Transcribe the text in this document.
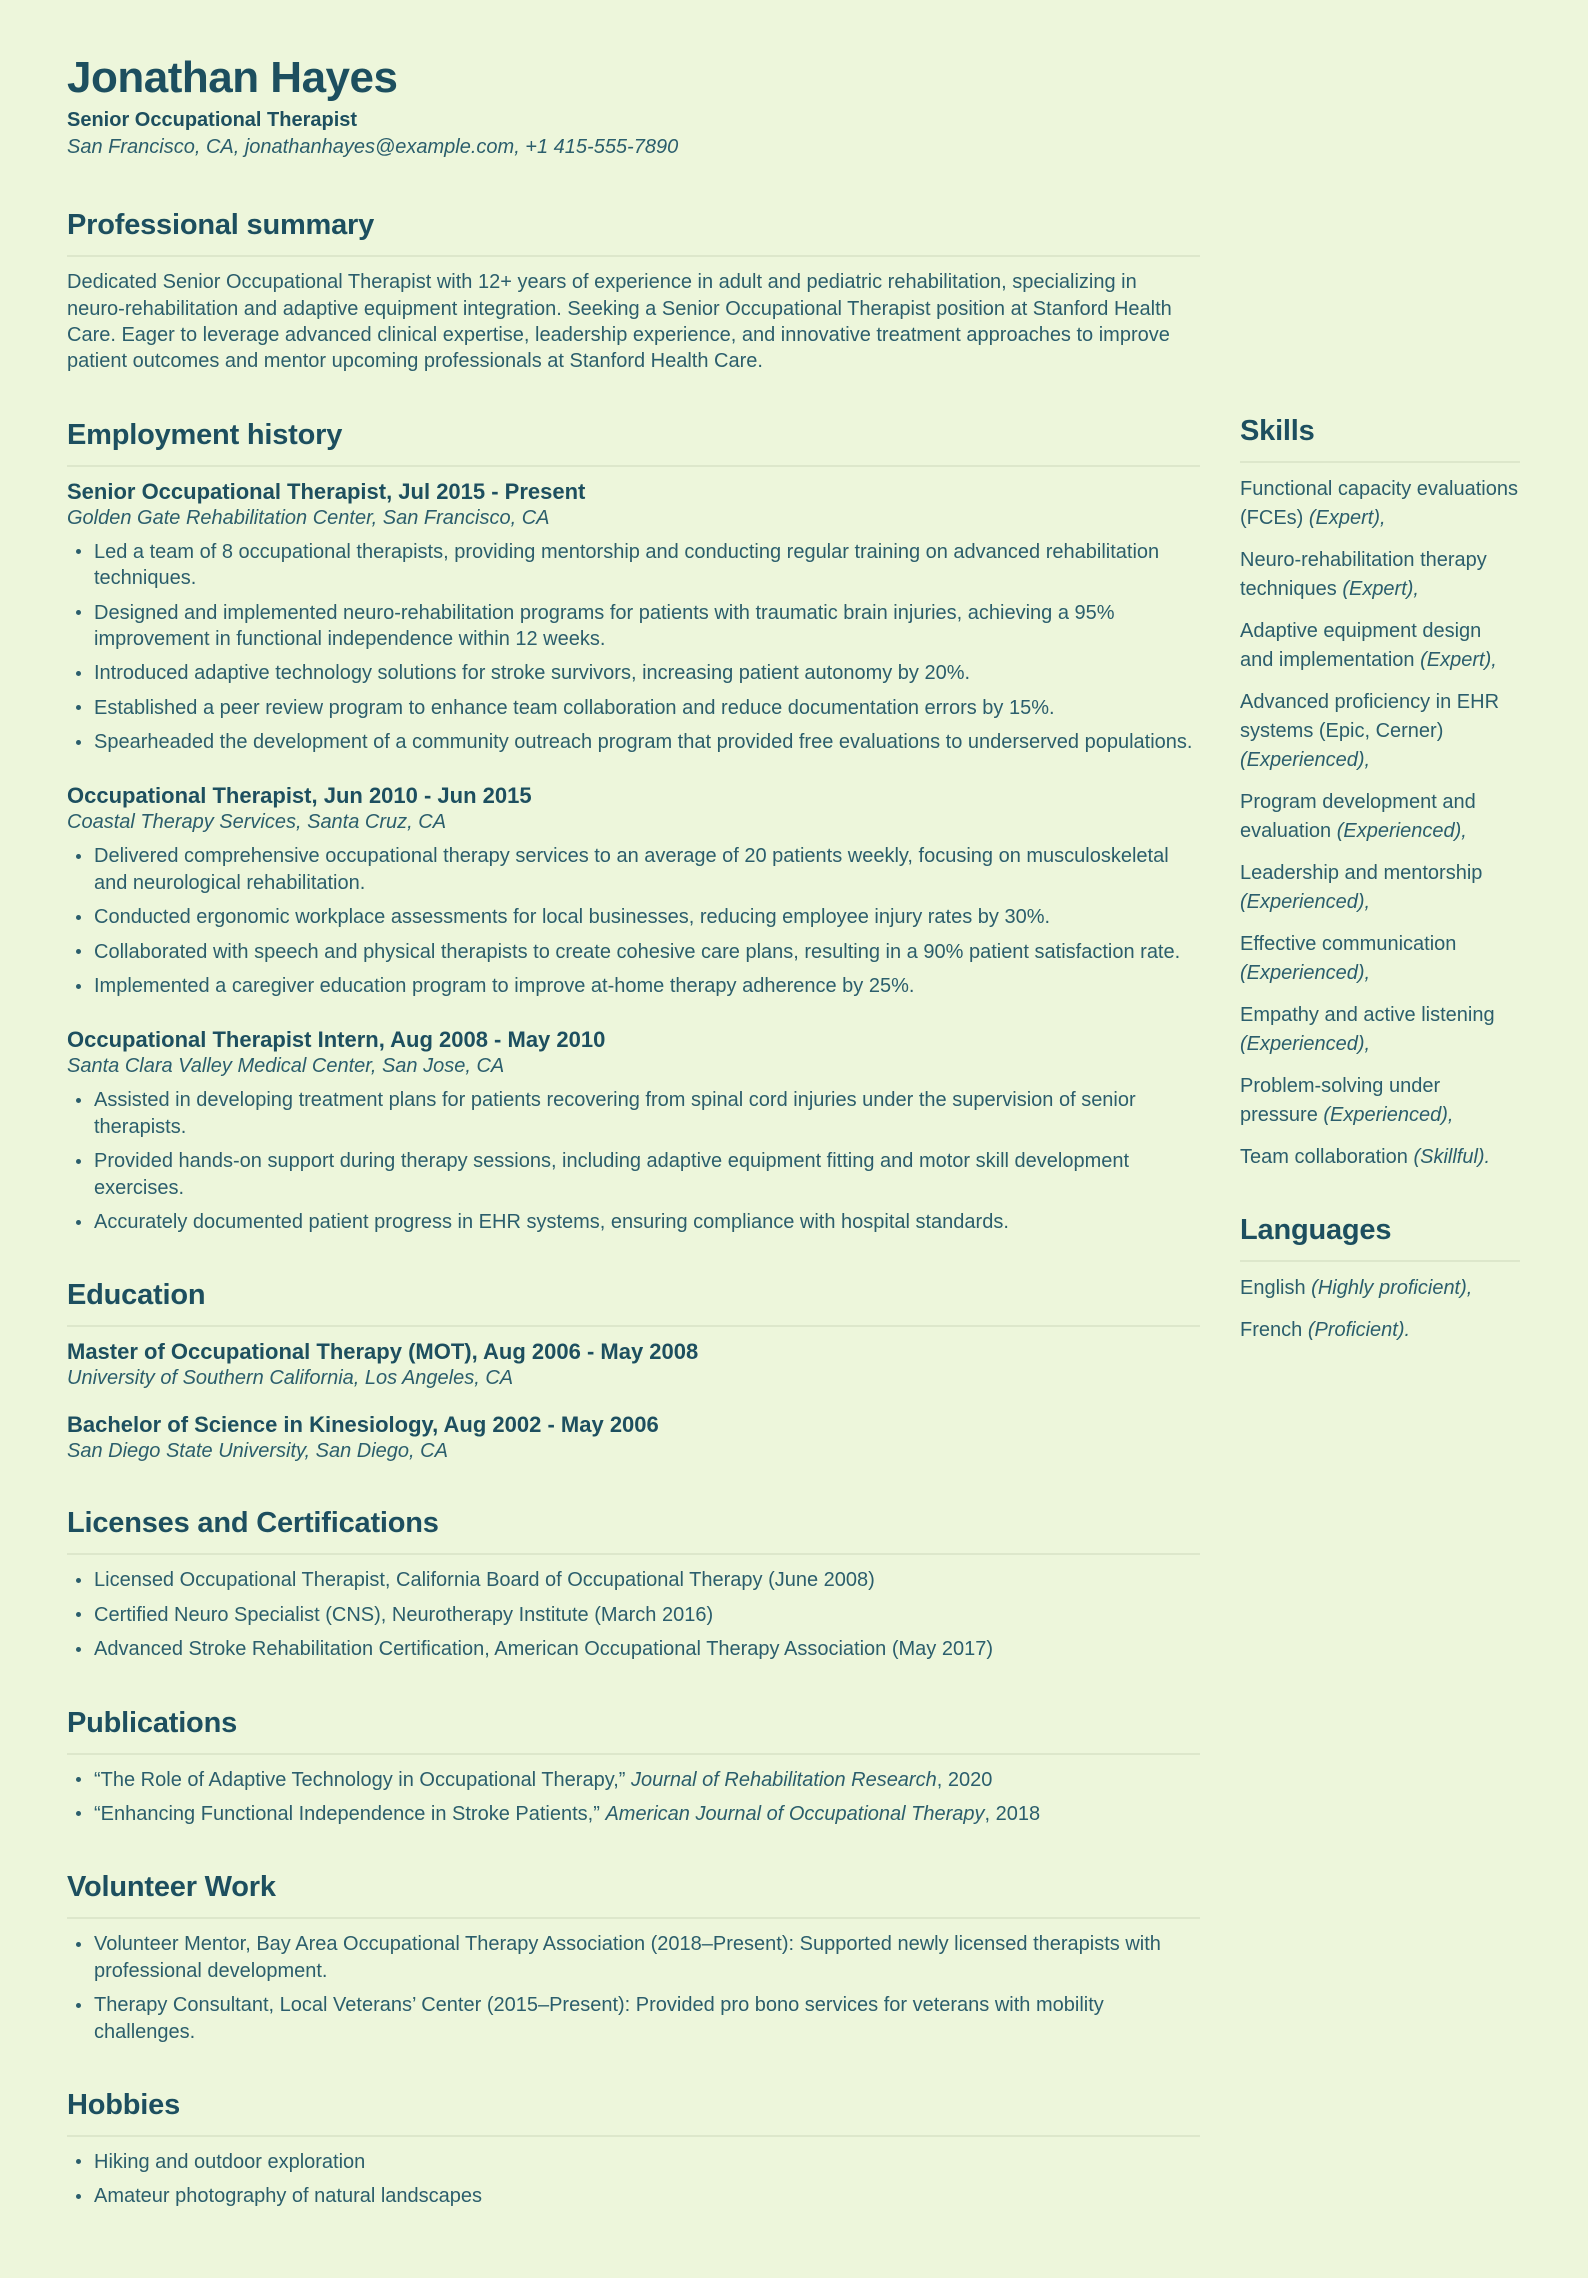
Jonathan Hayes

Senior Occupational Therapist

San Francisco, CA, jonathanhayes@example.com, +1 415-555-7890

Professional summary

Dedicated Senior Occupational Therapist with 12+ years of experience in adult and pediatric rehabilitation, specializing in neuro-rehabilitation and adaptive equipment integration. Seeking a Senior Occupational Therapist position at Stanford Health Care. Eager to leverage advanced clinical expertise, leadership experience, and innovative treatment approaches to improve patient outcomes and mentor upcoming professionals at Stanford Health Care.

Employment history
Senior Occupational Therapist, Jul 2015 - Present

Golden Gate Rehabilitation Center, San Francisco, CA

Led a team of 8 occupational therapists, providing mentorship and conducting regular training on advanced rehabilitation techniques.
Designed and implemented neuro-rehabilitation programs for patients with traumatic brain injuries, achieving a 95% improvement in functional independence within 12 weeks.
Introduced adaptive technology solutions for stroke survivors, increasing patient autonomy by 20%.
Established a peer review program to enhance team collaboration and reduce documentation errors by 15%.
Spearheaded the development of a community outreach program that provided free evaluations to underserved populations.
Occupational Therapist, Jun 2010 - Jun 2015

Coastal Therapy Services, Santa Cruz, CA

Delivered comprehensive occupational therapy services to an average of 20 patients weekly, focusing on musculoskeletal and neurological rehabilitation.
Conducted ergonomic workplace assessments for local businesses, reducing employee injury rates by 30%.
Collaborated with speech and physical therapists to create cohesive care plans, resulting in a 90% patient satisfaction rate.
Implemented a caregiver education program to improve at-home therapy adherence by 25%.
Occupational Therapist Intern, Aug 2008 - May 2010

Santa Clara Valley Medical Center, San Jose, CA

Assisted in developing treatment plans for patients recovering from spinal cord injuries under the supervision of senior therapists.
Provided hands-on support during therapy sessions, including adaptive equipment fitting and motor skill development exercises.
Accurately documented patient progress in EHR systems, ensuring compliance with hospital standards.
Education
Master of Occupational Therapy (MOT), Aug 2006 - May 2008

University of Southern California, Los Angeles, CA

Bachelor of Science in Kinesiology, Aug 2002 - May 2006

San Diego State University, San Diego, CA

Licenses and Certifications
Licensed Occupational Therapist, California Board of Occupational Therapy (June 2008)
Certified Neuro Specialist (CNS), Neurotherapy Institute (March 2016)
Advanced Stroke Rehabilitation Certification, American Occupational Therapy Association (May 2017)
Publications
“The Role of Adaptive Technology in Occupational Therapy,” Journal of Rehabilitation Research, 2020
“Enhancing Functional Independence in Stroke Patients,” American Journal of Occupational Therapy, 2018
Volunteer Work
Volunteer Mentor, Bay Area Occupational Therapy Association (2018–Present): Supported newly licensed therapists with professional development.
Therapy Consultant, Local Veterans’ Center (2015–Present): Provided pro bono services for veterans with mobility challenges.
Hobbies
Hiking and outdoor exploration
Amateur photography of natural landscapes
Skills
Functional capacity evaluations (FCEs) (Expert),
Neuro-rehabilitation therapy techniques (Expert),
Adaptive equipment design and implementation (Expert),
Advanced proficiency in EHR systems (Epic, Cerner) (Experienced),
Program development and evaluation (Experienced),
Leadership and mentorship (Experienced),
Effective communication (Experienced),
Empathy and active listening (Experienced),
Problem-solving under pressure (Experienced),
Team collaboration (Skillful).
Languages
English (Highly proficient),
French (Proficient).
